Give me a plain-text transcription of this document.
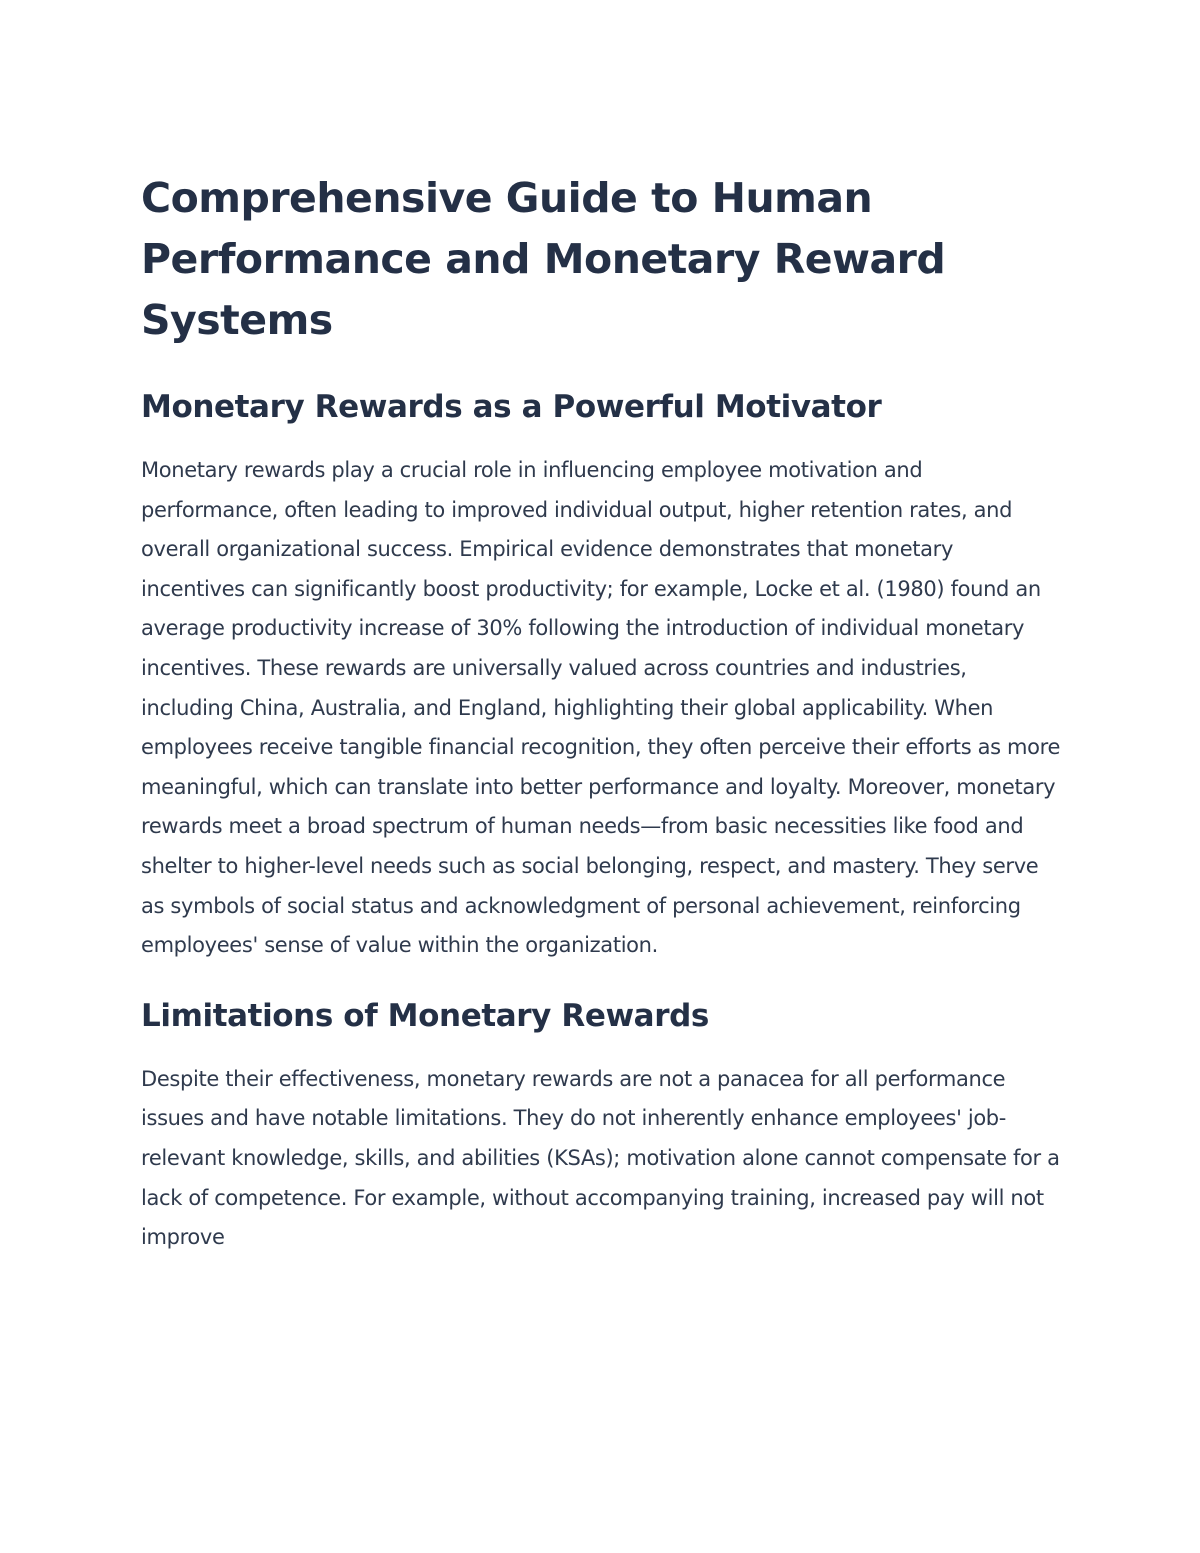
Comprehensive Guide to Human Performance and Monetary Reward Systems
Monetary Rewards as a Powerful Motivator

Monetary rewards play a crucial role in influencing employee motivation and performance, often leading to improved individual output, higher retention rates, and overall organizational success. Empirical evidence demonstrates that monetary incentives can significantly boost productivity; for example, Locke et al. (1980) found an average productivity increase of 30% following the introduction of individual monetary incentives. These rewards are universally valued across countries and industries, including China, Australia, and England, highlighting their global applicability. When employees receive tangible financial recognition, they often perceive their efforts as more meaningful, which can translate into better performance and loyalty. Moreover, monetary rewards meet a broad spectrum of human needs—from basic necessities like food and shelter to higher-level needs such as social belonging, respect, and mastery. They serve as symbols of social status and acknowledgment of personal achievement, reinforcing employees' sense of value within the organization.

Limitations of Monetary Rewards

Despite their effectiveness, monetary rewards are not a panacea for all performance issues and have notable limitations. They do not inherently enhance employees' job-relevant knowledge, skills, and abilities (KSAs); motivation alone cannot compensate for a lack of competence. For example, without accompanying training, increased pay will not improve
